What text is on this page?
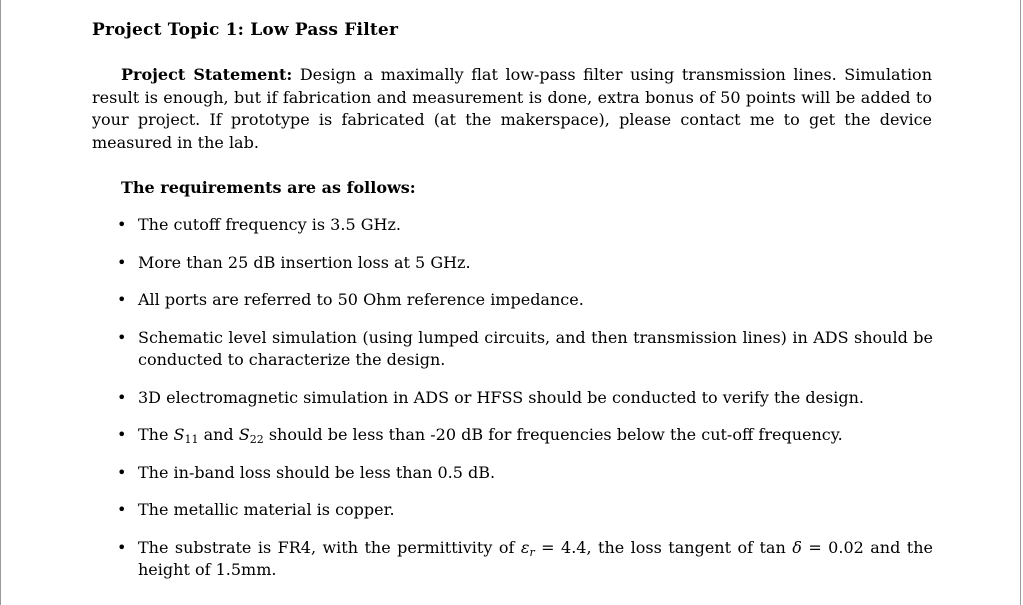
Project Topic 1: Low Pass Filter

Project Statement: Design a maximally flat low-pass filter using transmission lines. Simulation result is enough, but if fabrication and measurement is done, extra bonus of 50 points will be added to your project. If prototype is fabricated (at the makerspace), please contact me to get the device measured in the lab.

The requirements are as follows:
• The cutoff frequency is 3.5 GHz.
• More than 25 dB insertion loss at 5 GHz.
• All ports are referred to 50 Ohm reference impedance.
• Schematic level simulation (using lumped circuits, and then transmission lines) in ADS should be conducted to characterize the design.
• 3D electromagnetic simulation in ADS or HFSS should be conducted to verify the design.
• The $S_{11}$ and $S_{22}$ should be less than -20 dB for frequencies below the cut-off frequency.
• The in-band loss should be less than 0.5 dB.
• The metallic material is copper.
• The substrate is FR4, with the permittivity of $\varepsilon_r = 4.4$, the loss tangent of tan δ = 0.02 and the height of 1.5mm.
